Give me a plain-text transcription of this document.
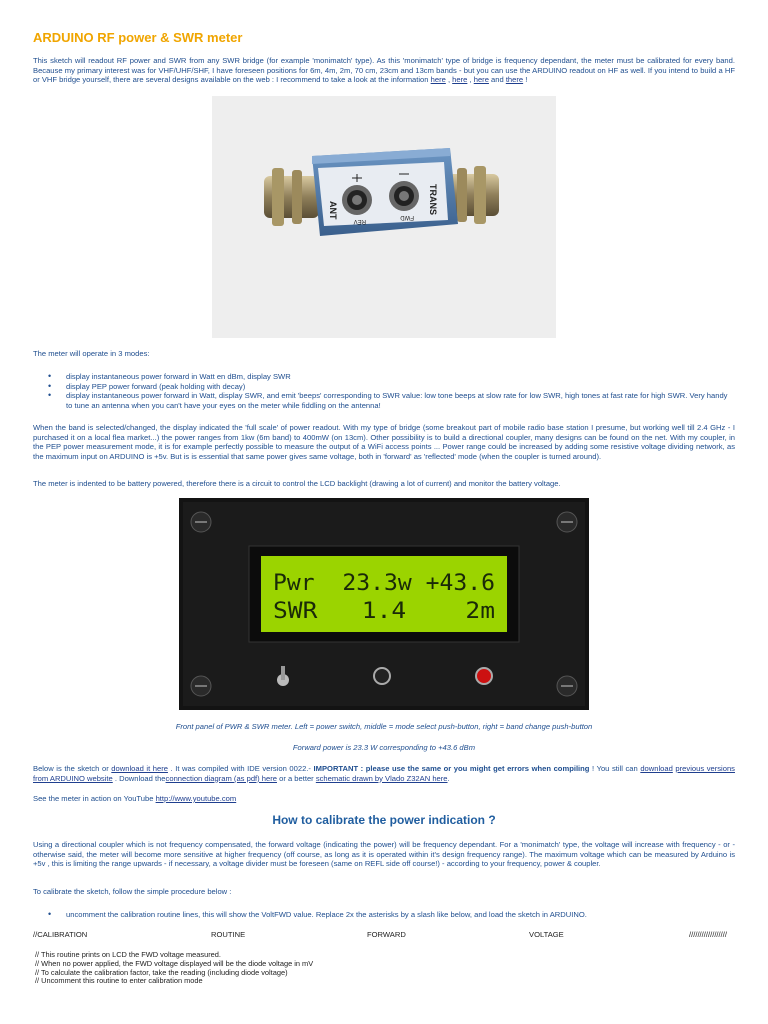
ARDUINO RF power & SWR meter

This sketch will readout RF power and SWR from any SWR bridge (for example 'monimatch' type). As this 'monimatch' type of bridge is frequency dependant, the meter must be calibrated for every band. Because my primary interest was for VHF/UHF/SHF, I have foreseen positions for 6m, 4m, 2m, 70 cm, 23cm and 13cm bands - but you can use the ARDUINO readout on HF as well. If you intend to build a HF or VHF bridge yourself, there are several designs available on the web : I recommend to take a look at the information here , here , here and there !

ANT
REV
FWD
TRANS

The meter will operate in 3 modes:

• display instantaneous power forward in Watt en dBm, display SWR
• display PEP power forward (peak holding with decay)
• display instantaneous power forward in Watt, display SWR, and emit 'beeps' corresponding to SWR value: low tone beeps at slow rate for low SWR, high tones at fast rate for high SWR. Very handy to tune an antenna when you can't have your eyes on the meter while fiddling on the antenna!

When the band is selected/changed, the display indicated the 'full scale' of power readout. With my type of bridge (some breakout part of mobile radio base station I presume, but working well till 2.4 GHz - I purchased it on a local flea market...) the power ranges from 1kw (6m band) to 400mW (on 13cm). Other possibility is to build a directional coupler, many designs can be found on the net. With my coupler, in the PEP power measurement mode, it is for example perfectly possible to measure the output of a WiFi access points ... Power range could be increased by adding some resistive voltage dividing network, as the maximum input on ARDUINO is +5v. But is is essential that same power gives same voltage, both in 'forward' as 'reflected' mode (when the coupler is turned around).

The meter is indented to be battery powered, therefore there is a circuit to control the LCD backlight (drawing a lot of current) and monitor the battery voltage.

Pwr  23.3w +43.6
SWR   1.4    2m

Front panel of PWR & SWR meter. Left = power switch, middle = mode select push-button, right = band change push-button

Forward power is 23.3 W corresponding to +43.6 dBm

Below is the sketch or download it here . It was compiled with IDE version 0022.- IMPORTANT : please use the same or you might get errors when compiling ! You still can download previous versions from ARDUINO website . Download theconnection diagram (as pdf) here or a better schematic drawn by Vlado Z32AN here.

See the meter in action on YouTube http://www.youtube.com

How to calibrate the power indication ?

Using a directional coupler which is not frequency compensated, the forward voltage (indicating the power) will be frequency dependant. For a 'monimatch' type, the voltage will increase with frequency - or - otherwise said, the meter will become more sensitive at higher frequency (off course, as long as it is operated within it's design frequency range). The maximum voltage which can be measured by Arduino is +5v , this is limiting the range upwards - if necessary, a voltage divider must be foreseen (same on REFL side off course!) - according to your frequency, power & coupler.

To calibrate the sketch, follow the simple procedure below :

• uncomment the calibration routine lines, this will show the VoltFWD value. Replace 2x the asterisks by a slash like below, and load the sketch in ARDUINO.
//CALIBRATION	ROUTINE	FORWARD	VOLTAGE	//////////////////
// This routine prints on LCD the FWD voltage measured.
// When no power applied, the FWD voltage displayed will be the diode voltage in mV
// To calculate the calibration factor, take the reading (including diode voltage)
// Uncomment this routine to enter calibration mode
